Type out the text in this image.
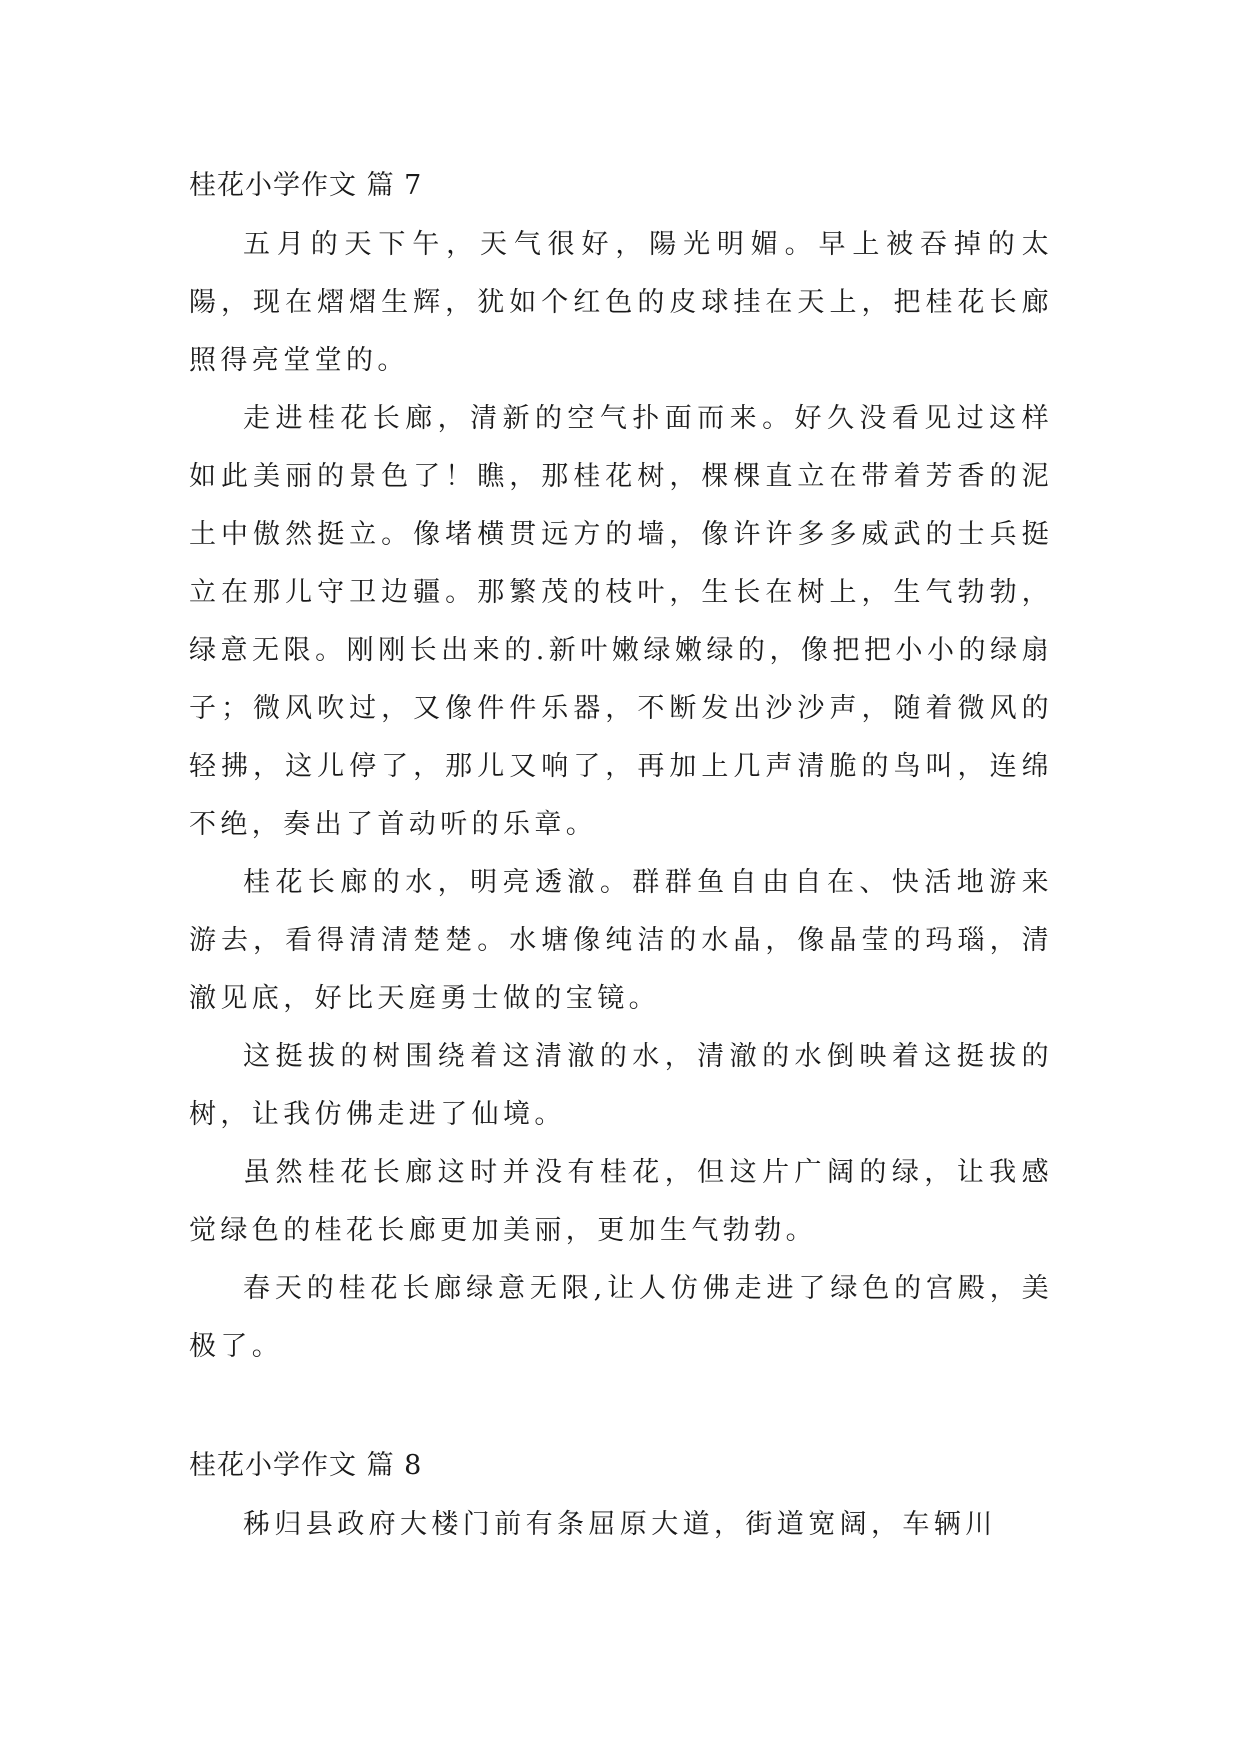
桂花小学作文 篇 7

五月的天下午，天气很好，陽光明媚。早上被吞掉的太陽，现在熠熠生辉，犹如个红色的皮球挂在天上，把桂花长廊照得亮堂堂的。

走进桂花长廊，清新的空气扑面而来。好久没看见过这样如此美丽的景色了！瞧，那桂花树，棵棵直立在带着芳香的泥土中傲然挺立。像堵横贯远方的墙，像许许多多威武的士兵挺立在那儿守卫边疆。那繁茂的枝叶，生长在树上，生气勃勃，绿意无限。刚刚长出来的.新叶嫩绿嫩绿的，像把把小小的绿扇子；微风吹过，又像件件乐器，不断发出沙沙声，随着微风的轻拂，这儿停了，那儿又响了，再加上几声清脆的鸟叫，连绵不绝，奏出了首动听的乐章。

桂花长廊的水，明亮透澈。群群鱼自由自在、快活地游来游去，看得清清楚楚。水塘像纯洁的水晶，像晶莹的玛瑙，清澈见底，好比天庭勇士做的宝镜。

这挺拔的树围绕着这清澈的水，清澈的水倒映着这挺拔的树，让我仿佛走进了仙境。

虽然桂花长廊这时并没有桂花，但这片广阔的绿，让我感觉绿色的桂花长廊更加美丽，更加生气勃勃。

春天的桂花长廊绿意无限,让人仿佛走进了绿色的宫殿，美极了。

桂花小学作文 篇 8

秭归县政府大楼门前有条屈原大道，街道宽阔，车辆川
